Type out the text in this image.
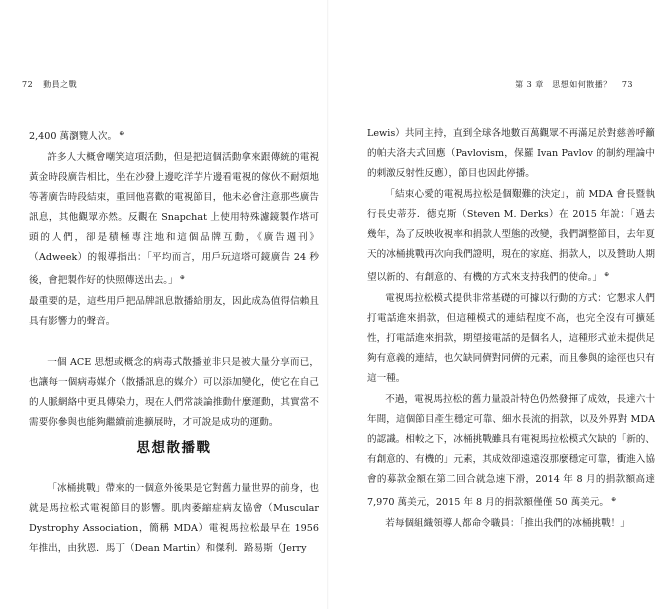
72 動員之戰	第 3 章　思想如何散播？ 73

2,400 萬瀏覽人次。 ⊕

許多人大概會嘲笑這項活動，但是把這個活動拿來跟傳統的電視黃金時段廣告相比，坐在沙發上邊吃洋芋片邊看電視的傢伙不耐煩地等著廣告時段結束，重回他喜歡的電視節目，他未必會注意那些廣告訊息，其他觀眾亦然。反觀在 Snapchat 上使用特殊濾鏡製作塔可頭的人們，卻是積極專注地和這個品牌互動，《廣告週刊》（Adweek）的報導指出：「平均而言，用戶玩這塔可鏡廣告 24 秒後，會把製作好的快照傳送出去。」 ⊕

最重要的是，這些用戶把品牌訊息散播給朋友，因此成為值得信賴且具有影響力的聲音。

一個 ACE 思想或概念的病毒式散播並非只是被大量分享而已，也讓每一個病毒媒介（散播訊息的媒介）可以添加變化，使它在自己的人脈網絡中更具傳染力，現在人們常談論推動什麼運動，其實當不需要你參與也能夠繼續前進擴展時，才可說是成功的運動。

思想散播戰

「冰桶挑戰」帶來的一個意外後果是它對舊力量世界的前身，也就是馬拉松式電視節目的影響。肌肉萎縮症病友協會（Muscular Dystrophy Association，簡稱 MDA）電視馬拉松最早在 1956 年推出，由狄恩．馬丁（Dean Martin）和傑利．路易斯（Jerry

Lewis）共同主持，直到全球各地數百萬觀眾不再滿足於對慈善呼籲的帕夫洛夫式回應（Pavlovism，保羅 Ivan Pavlov 的制約理論中的刺激反射性反應），節目也因此停播。

「結束心愛的電視馬拉松是個艱難的決定」，前 MDA 會長暨執行長史蒂芬．德克斯（Steven M. Derks）在 2015 年說：「過去幾年，為了反映收視率和捐款人型態的改變，我們調整節目，去年夏天的冰桶挑戰再次向我們證明，現在的家庭、捐款人，以及贊助人期望以新的、有創意的、有機的方式來支持我們的使命。」 ⊕

電視馬拉松模式提供非常基礎的可據以行動的方式：它懇求人們打電話進來捐款，但這種模式的連結程度不高，也完全沒有可擴延性，打電話進來捐款，期望接電話的是個名人，這種形式並未提供足夠有意義的連結，也欠缺同儕對同儕的元素，而且參與的途徑也只有這一種。

不過，電視馬拉松的舊力量設計特色仍然發揮了成效，長達六十年間，這個節目產生穩定可靠、細水長流的捐款，以及外界對 MDA 的認識。相較之下，冰桶挑戰雖具有電視馬拉松模式欠缺的「新的、有創意的、有機的」元素，其成效卻遠遠沒那麼穩定可靠，衝進入協會的募款金額在第二回合就急速下滑，2014 年 8 月的捐款額高達 7,970 萬美元，2015 年 8 月的捐款額僅僅 50 萬美元。 ⊕

若每個組織領導人都命令職員：「推出我們的冰桶挑戰！」
